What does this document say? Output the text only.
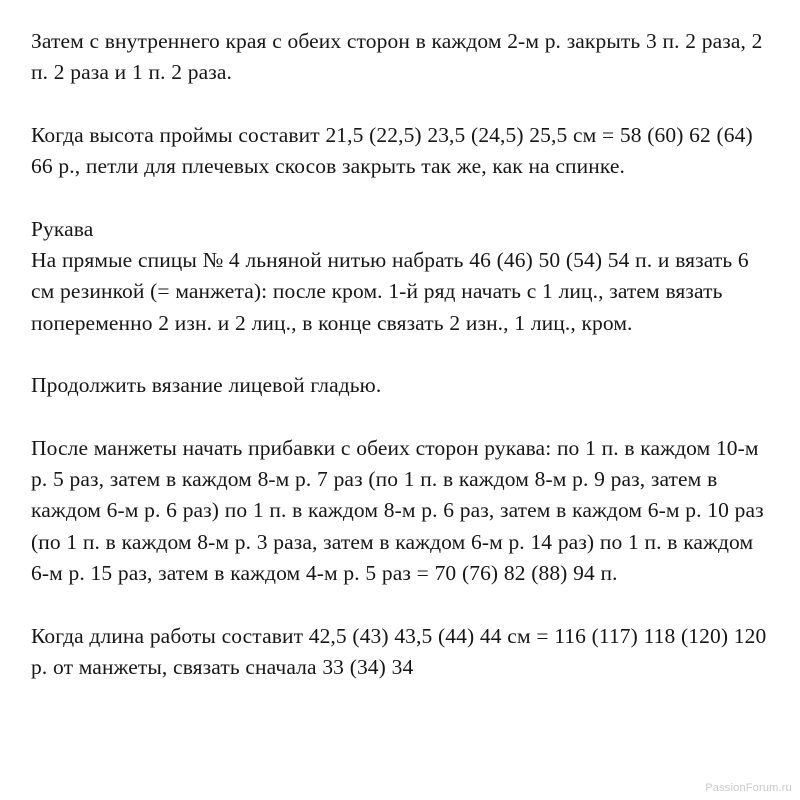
Затем с внутреннего края с обеих сторон в каждом 2-м р. закрыть 3 п. 2 раза, 2 п. 2 раза и 1 п. 2 раза.

Когда высота проймы составит 21,5 (22,5) 23,5 (24,5) 25,5 см = 58 (60) 62 (64) 66 р., петли для плечевых скосов закрыть так же, как на спинке.

Рукава

На прямые спицы № 4 льняной нитью набрать 46 (46) 50 (54) 54 п. и вязать 6 см резинкой (= манжета): после кром. 1-й ряд начать с 1 лиц., затем вязать попеременно 2 изн. и 2 лиц., в конце связать 2 изн., 1 лиц., кром.

Продолжить вязание лицевой гладью.

После манжеты начать прибавки с обеих сторон рукава: по 1 п. в каждом 10-м р. 5 раз, затем в каждом 8-м р. 7 раз (по 1 п. в каждом 8-м р. 9 раз, затем в каждом 6-м р. 6 раз) по 1 п. в каждом 8-м р. 6 раз, затем в каждом 6-м р. 10 раз (по 1 п. в каждом 8-м р. 3 раза, затем в каждом 6-м р. 14 раз) по 1 п. в каждом 6-м р. 15 раз, затем в каждом 4-м р. 5 раз = 70 (76) 82 (88) 94 п.

Когда длина работы составит 42,5 (43) 43,5 (44) 44 см = 116 (117) 118 (120) 120 р. от манжеты, связать сначала 33 (34) 34

PassionForum.ru
